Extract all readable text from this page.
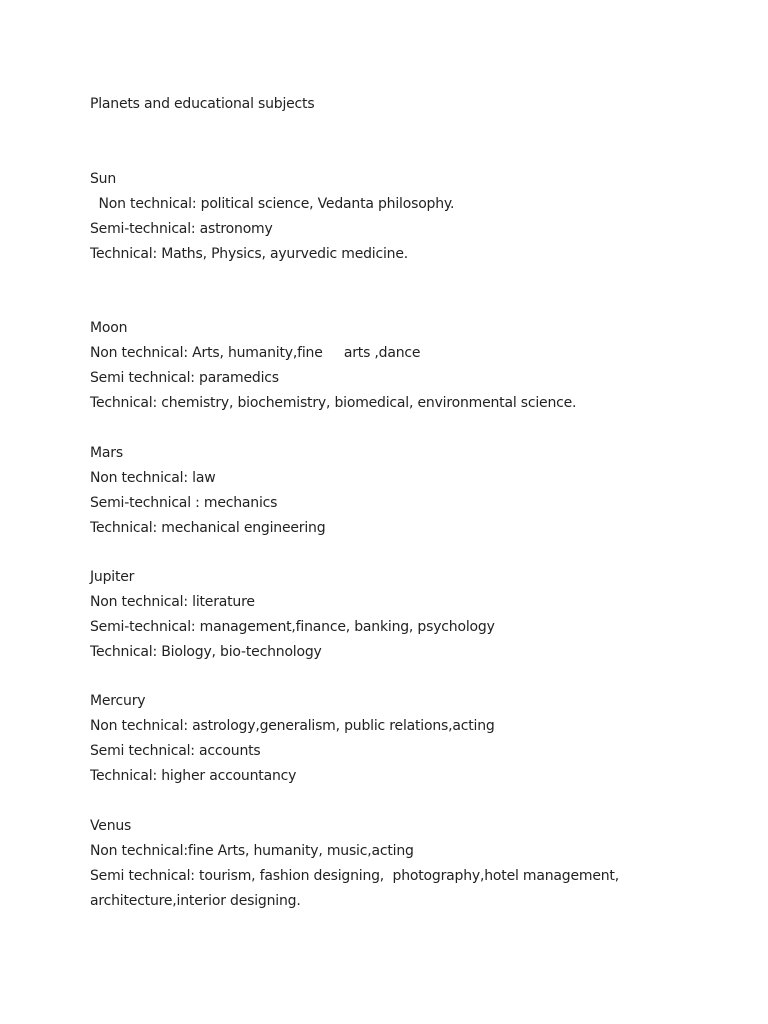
Planets and educational subjects
Sun
Non technical: political science, Vedanta philosophy.
Semi-technical: astronomy
Technical: Maths, Physics, ayurvedic medicine.
Moon
Non technical: Arts, humanity,fine     arts ,dance
Semi technical: paramedics
Technical: chemistry, biochemistry, biomedical, environmental science.
Mars
Non technical: law
Semi-technical : mechanics
Technical: mechanical engineering
Jupiter
Non technical: literature
Semi-technical: management,finance, banking, psychology
Technical: Biology, bio-technology
Mercury
Non technical: astrology,generalism, public relations,acting
Semi technical: accounts
Technical: higher accountancy
Venus
Non technical:fine Arts, humanity, music,acting
Semi technical: tourism, fashion designing,  photography,hotel management,
architecture,interior designing.
